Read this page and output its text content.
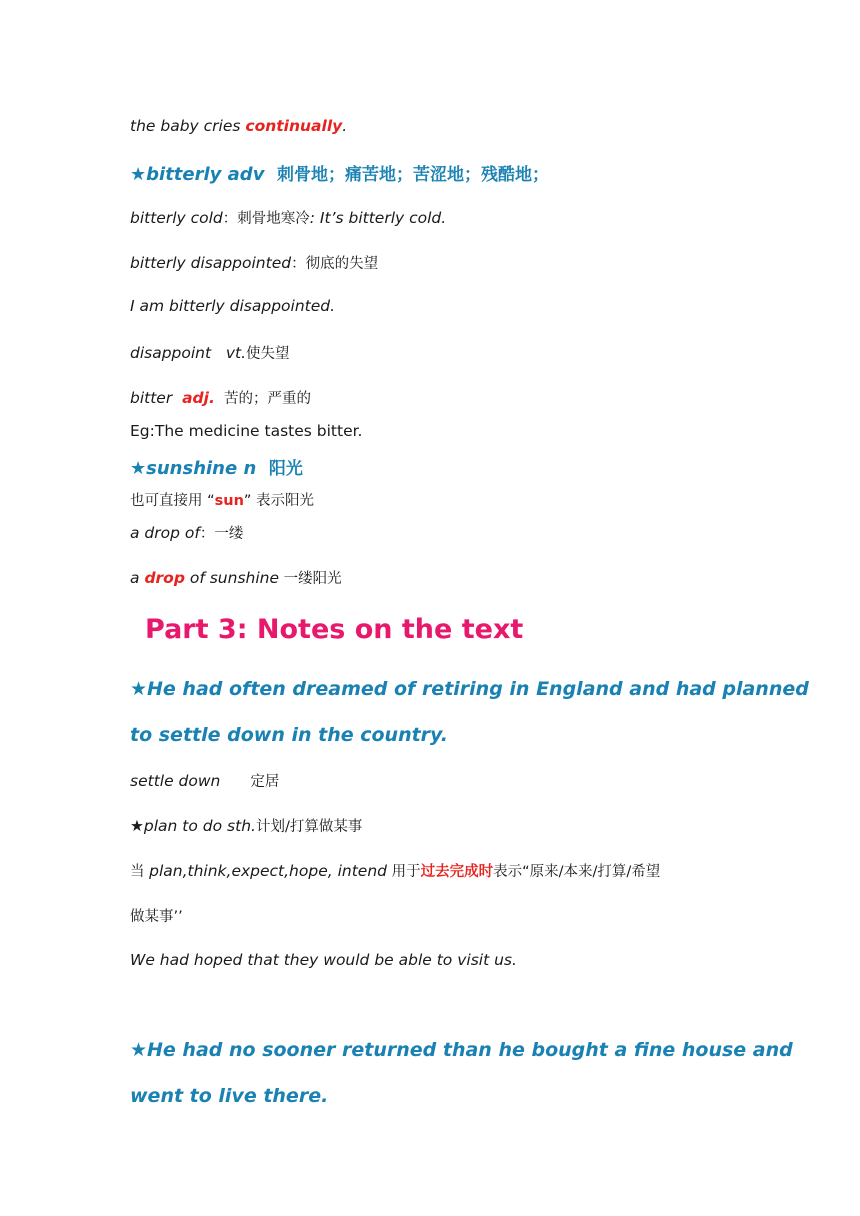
the baby cries continually.
★bitterly adv 刺骨地；痛苦地；苦涩地；残酷地；
bitterly cold：刺骨地寒冷: It’s bitterly cold.
bitterly disappointed：彻底的失望
I am bitterly disappointed.
disappoint   vt.使失望
bitter  adj.  苦的；严重的
Eg:The medicine tastes bitter.
★sunshine n  阳光
也可直接用 “sun” 表示阳光
a drop of：一缕
a drop of sunshine 一缕阳光
Part 3: Notes on the text
★He had often dreamed of retiring in England and had planned
to settle down in the country.
settle down 定居
★plan to do sth.计划/打算做某事
当 plan,think,expect,hope, intend 用于过去完成时表示“原来/本来/打算/希望
做某事’’
We had hoped that they would be able to visit us.
★He had no sooner returned than he bought a fine house and
went to live there.
